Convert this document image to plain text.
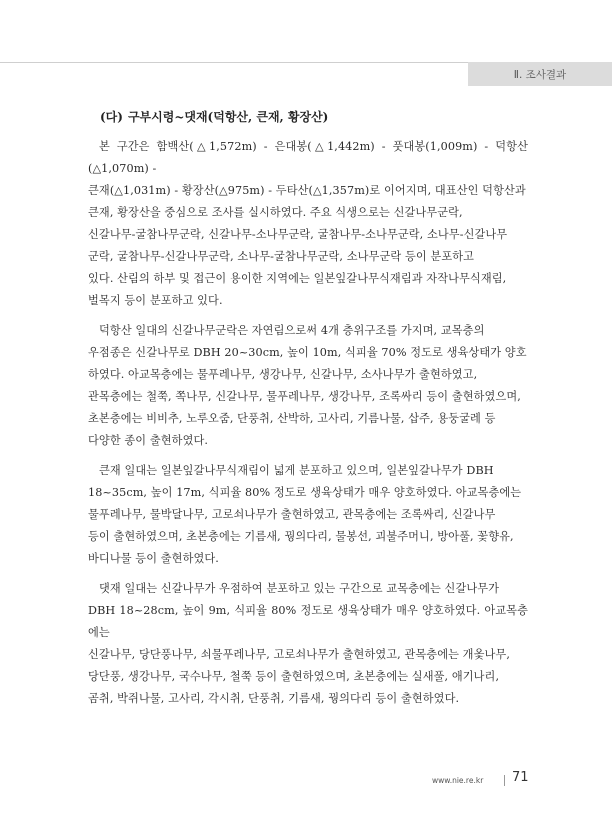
Ⅱ. 조사결과
(다) 구부시령~댓재(덕항산, 큰재, 황장산)

본 구간은 함백산(△1,572m) - 은대봉(△1,442m) - 풋대봉(1,009m) - 덕항산(△1,070m) -
큰재(△1,031m) - 황장산(△975m) - 두타산(△1,357m)로 이어지며, 대표산인 덕항산과
큰재, 황장산을 중심으로 조사를 실시하였다. 주요 식생으로는 신갈나무군락,
신갈나무-굴참나무군락, 신갈나무-소나무군락, 굴참나무-소나무군락, 소나무-신갈나무
군락, 굴참나무-신갈나무군락, 소나무-굴참나무군락, 소나무군락 등이 분포하고
있다. 산림의 하부 및 접근이 용이한 지역에는 일본잎갈나무식재림과 자작나무식재림,
벌목지 등이 분포하고 있다.

덕항산 일대의 신갈나무군락은 자연림으로써 4개 층위구조를 가지며, 교목층의
우점종은 신갈나무로 DBH 20~30cm, 높이 10m, 식피율 70% 정도로 생육상태가 양호
하였다. 아교목층에는 물푸레나무, 생강나무, 신갈나무, 소사나무가 출현하였고,
관목층에는 철쭉, 쪽나무, 신갈나무, 물푸레나무, 생강나무, 조록싸리 등이 출현하였으며,
초본층에는 비비추, 노루오줌, 단풍취, 산박하, 고사리, 기름나물, 삽주, 용둥굴레 등
다양한 종이 출현하였다.

큰재 일대는 일본잎갈나무식재림이 넓게 분포하고 있으며, 일본잎갈나무가 DBH
18~35cm, 높이 17m, 식피율 80% 정도로 생육상태가 매우 양호하였다. 아교목층에는
물푸레나무, 물박달나무, 고로쇠나무가 출현하였고, 관목층에는 조록싸리, 신갈나무
등이 출현하였으며, 초본층에는 기름새, 꿩의다리, 물봉선, 괴불주머니, 방아풀, 꽃향유,
바디나물 등이 출현하였다.

댓재 일대는 신갈나무가 우점하여 분포하고 있는 구간으로 교목층에는 신갈나무가
DBH 18~28cm, 높이 9m, 식피율 80% 정도로 생육상태가 매우 양호하였다. 아교목층에는
신갈나무, 당단풍나무, 쇠물푸레나무, 고로쇠나무가 출현하였고, 관목층에는 개옻나무,
당단풍, 생강나무, 국수나무, 철쭉 등이 출현하였으며, 초본층에는 실새풀, 애기나리,
곰취, 박쥐나물, 고사리, 각시취, 단풍취, 기름새, 꿩의다리 등이 출현하였다.

www.nie.re.kr 71
